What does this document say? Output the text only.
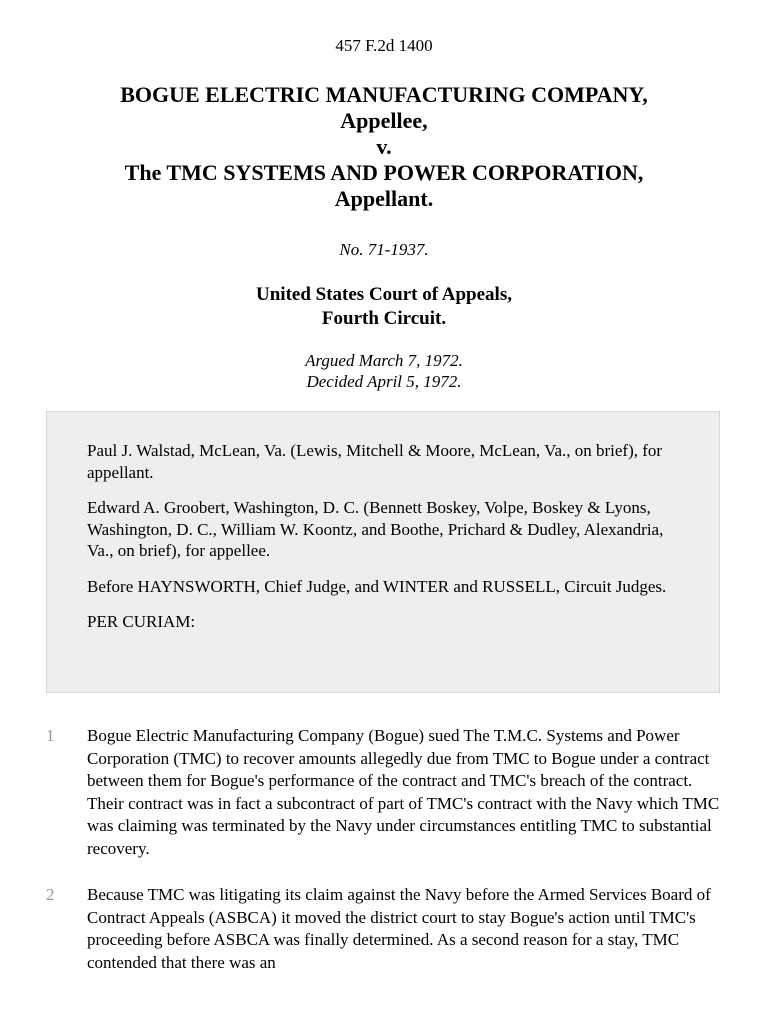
457 F.2d 1400
BOGUE ELECTRIC MANUFACTURING COMPANY,
Appellee,
v.
The TMC SYSTEMS AND POWER CORPORATION,
Appellant.
No. 71-1937.
United States Court of Appeals,
Fourth Circuit.
Argued March 7, 1972.
Decided April 5, 1972.

Paul J. Walstad, McLean, Va. (Lewis, Mitchell & Moore, McLean, Va., on brief), for appellant.

Edward A. Groobert, Washington, D. C. (Bennett Boskey, Volpe, Boskey & Lyons, Washington, D. C., William W. Koontz, and Boothe, Prichard & Dudley, Alexandria, Va., on brief), for appellee.

Before HAYNSWORTH, Chief Judge, and WINTER and RUSSELL, Circuit Judges.

PER CURIAM:

1	Bogue Electric Manufacturing Company (Bogue) sued The T.M.C. Systems and Power Corporation (TMC) to recover amounts allegedly due from TMC to Bogue under a contract between them for Bogue's performance of the contract and TMC's breach of the contract. Their contract was in fact a subcontract of part of TMC's contract with the Navy which TMC was claiming was terminated by the Navy under circumstances entitling TMC to substantial recovery.
2	Because TMC was litigating its claim against the Navy before the Armed Services Board of Contract Appeals (ASBCA) it moved the district court to stay Bogue's action until TMC's proceeding before ASBCA was finally determined. As a second reason for a stay, TMC contended that there was an
